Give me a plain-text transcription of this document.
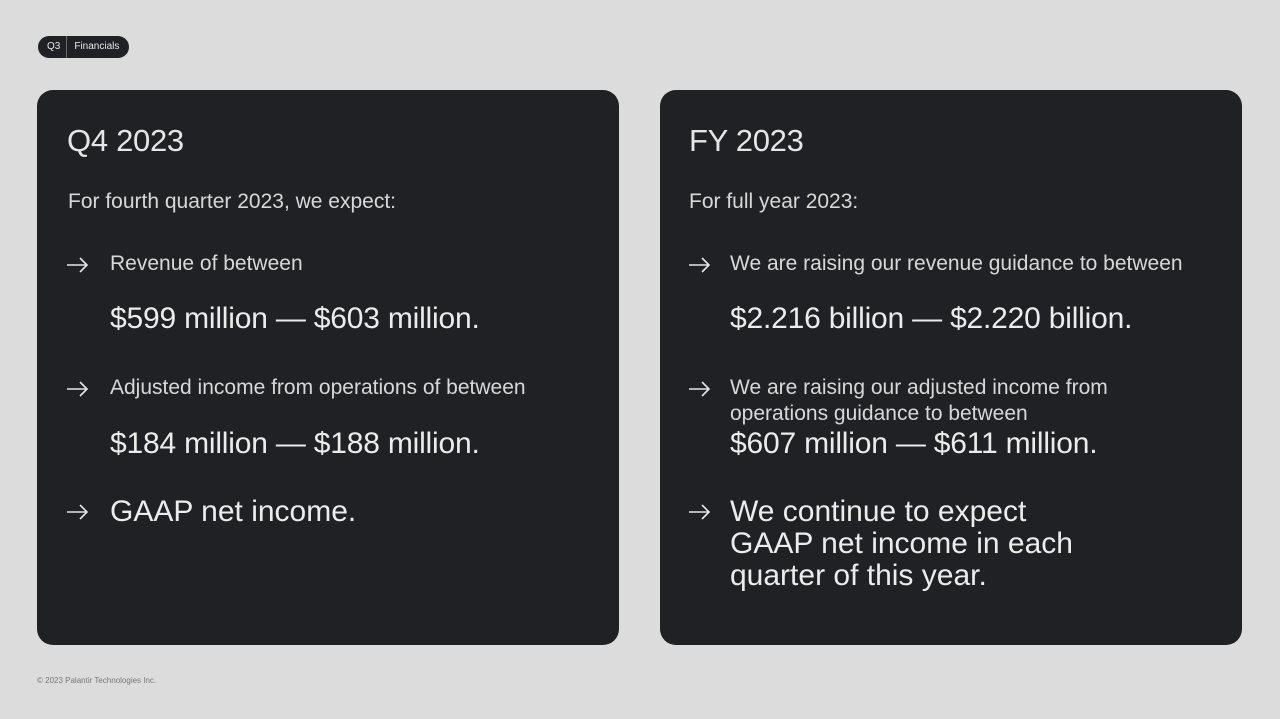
Q3	Financials
Q4 2023
For fourth quarter 2023, we expect:
Revenue of between
$599 million — $603 million.
Adjusted income from operations of between
$184 million — $188 million.
GAAP net income.
FY 2023
For full year 2023:
We are raising our revenue guidance to between
$2.216 billion — $2.220 billion.
We are raising our adjusted income from
operations guidance to between
$607 million — $611 million.
We continue to expect
GAAP net income in each
quarter of this year.
© 2023 Palantir Technologies Inc.
